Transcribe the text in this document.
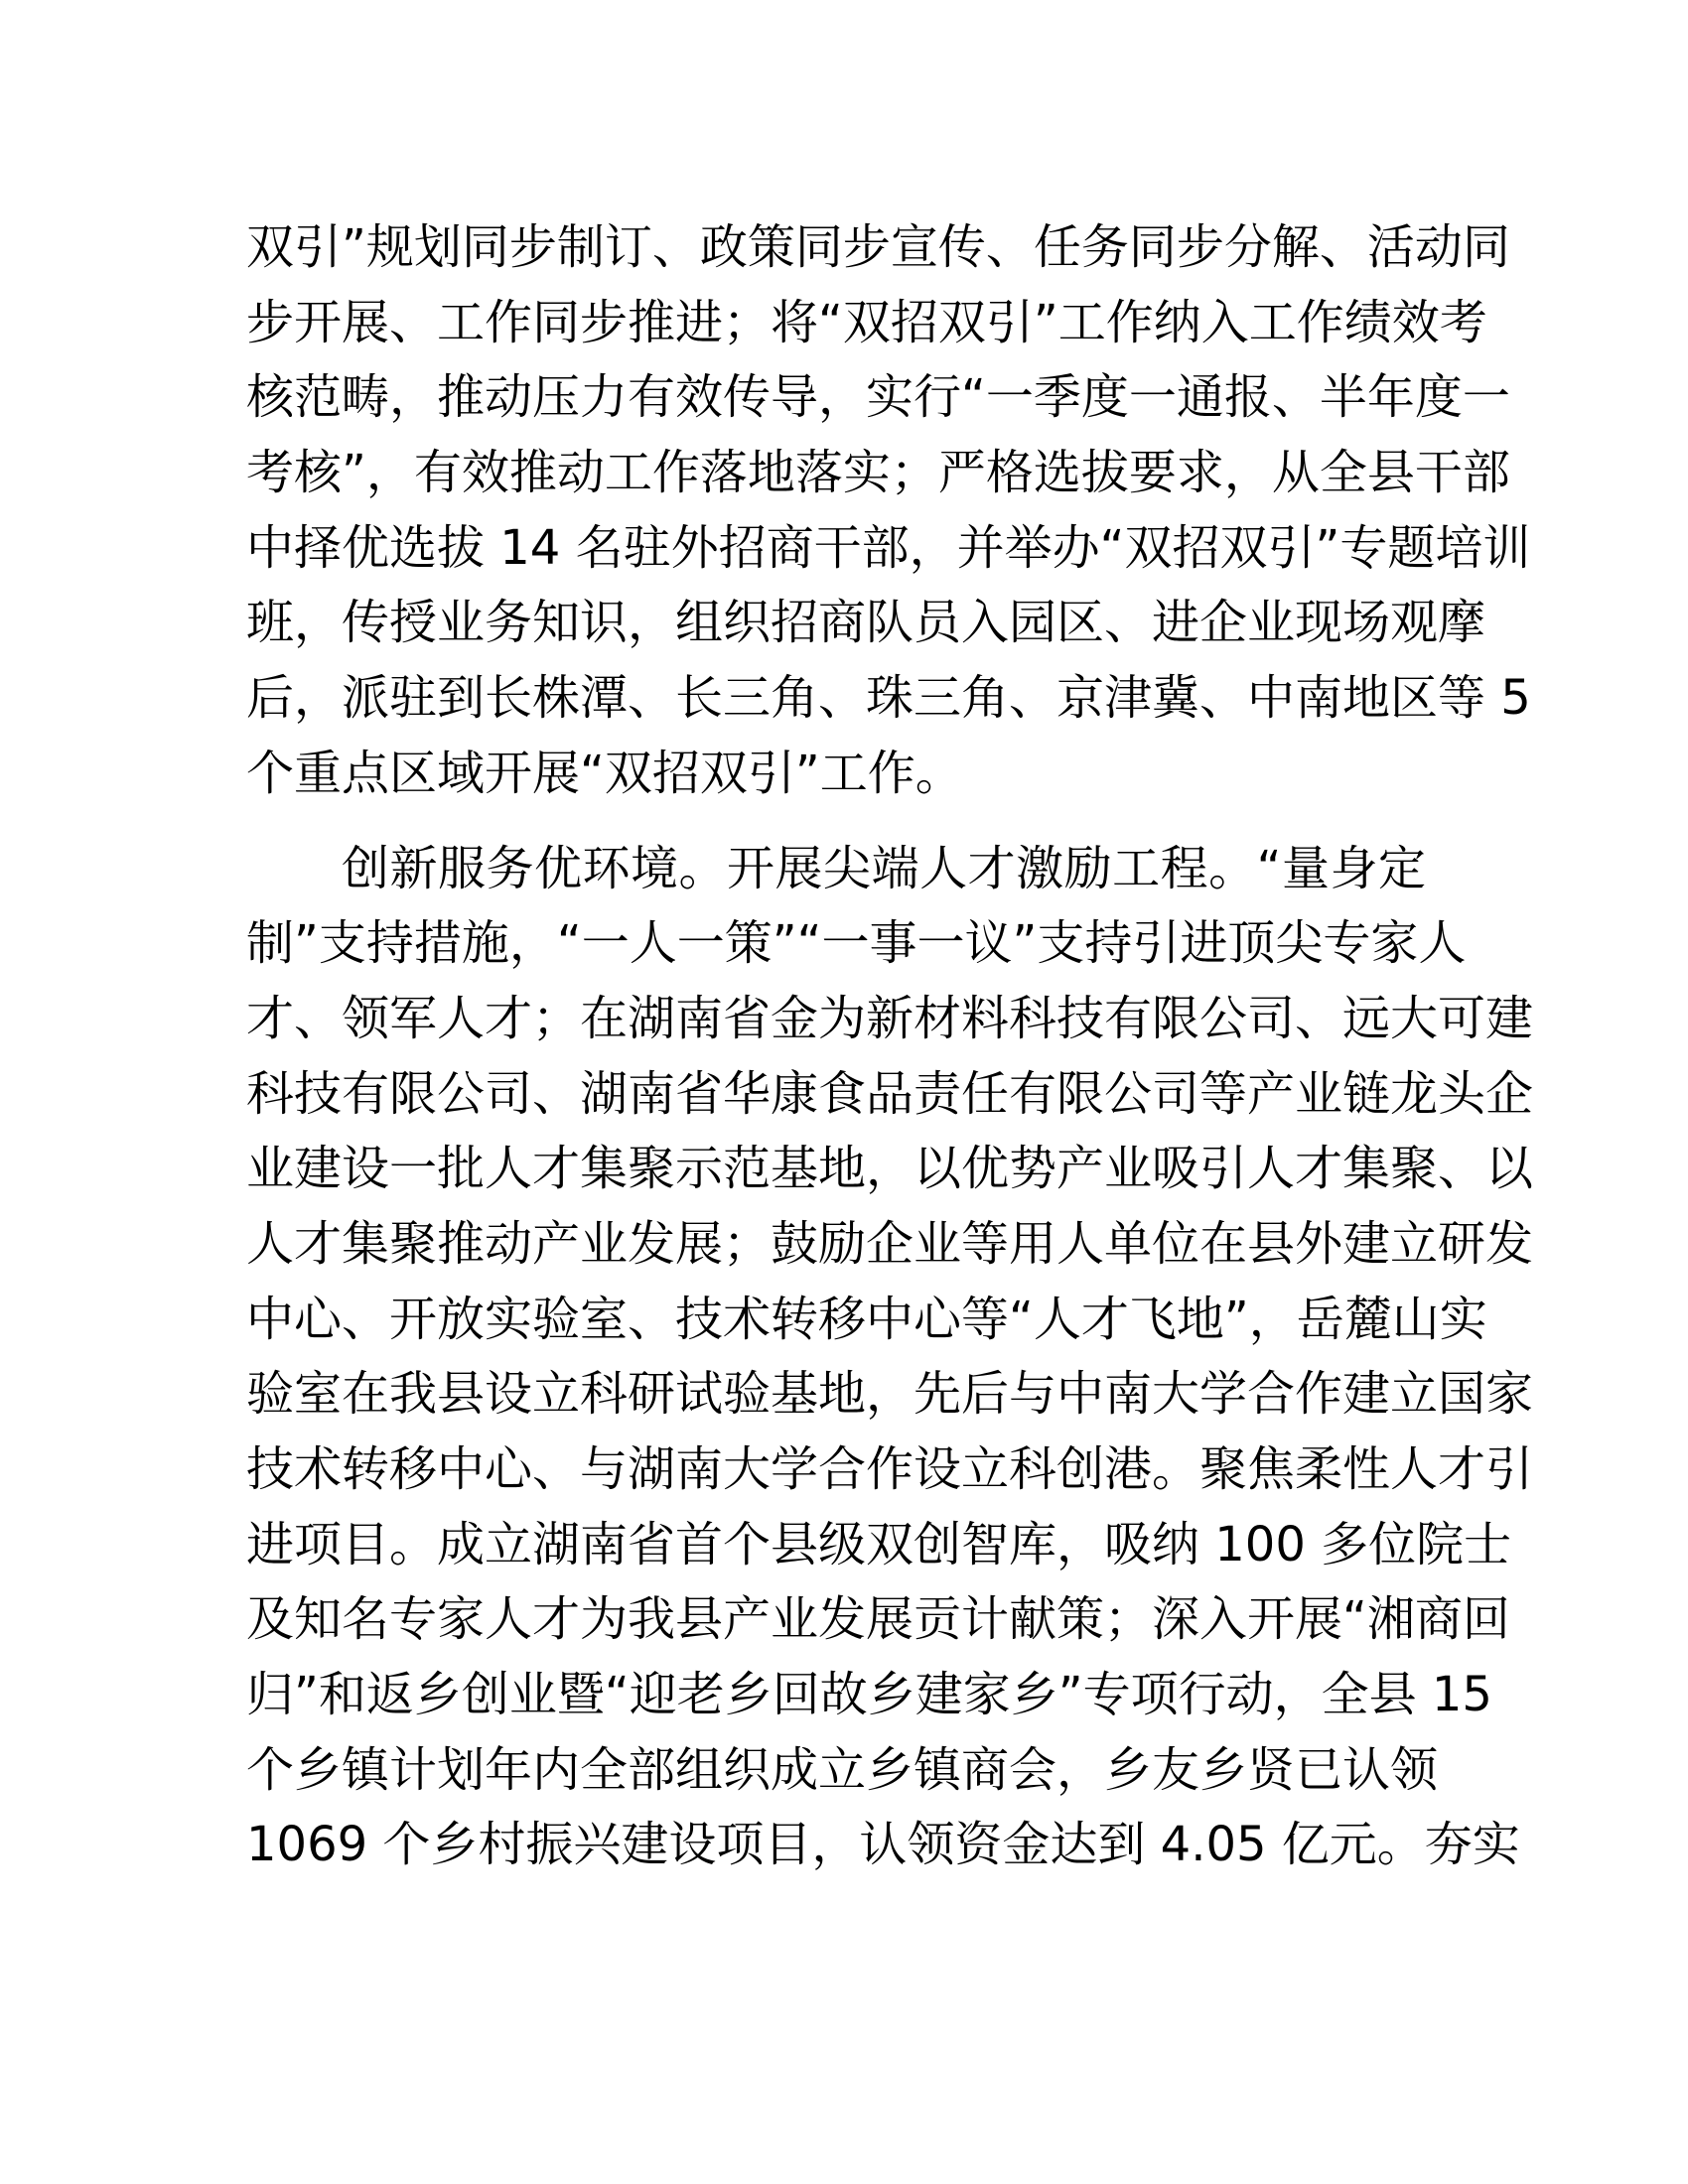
双引”规划同步制订、政策同步宣传、任务同步分解、活动同
步开展、工作同步推进；将“双招双引”工作纳入工作绩效考
核范畴，推动压力有效传导，实行“一季度一通报、半年度一
考核”，有效推动工作落地落实；严格选拔要求，从全县干部
中择优选拔 14 名驻外招商干部，并举办“双招双引”专题培训
班，传授业务知识，组织招商队员入园区、进企业现场观摩
后，派驻到长株潭、长三角、珠三角、京津冀、中南地区等 5
个重点区域开展“双招双引”工作。
创新服务优环境。开展尖端人才激励工程。“量身定
制”支持措施，“一人一策”“一事一议”支持引进顶尖专家人
才、领军人才；在湖南省金为新材料科技有限公司、远大可建
科技有限公司、湖南省华康食品责任有限公司等产业链龙头企
业建设一批人才集聚示范基地，以优势产业吸引人才集聚、以
人才集聚推动产业发展；鼓励企业等用人单位在县外建立研发
中心、开放实验室、技术转移中心等“人才飞地”，岳麓山实
验室在我县设立科研试验基地，先后与中南大学合作建立国家
技术转移中心、与湖南大学合作设立科创港。聚焦柔性人才引
进项目。成立湖南省首个县级双创智库，吸纳 100 多位院士
及知名专家人才为我县产业发展贡计献策；深入开展“湘商回
归”和返乡创业暨“迎老乡回故乡建家乡”专项行动，全县 15
个乡镇计划年内全部组织成立乡镇商会，乡友乡贤已认领
1069 个乡村振兴建设项目，认领资金达到 4.05 亿元。夯实
